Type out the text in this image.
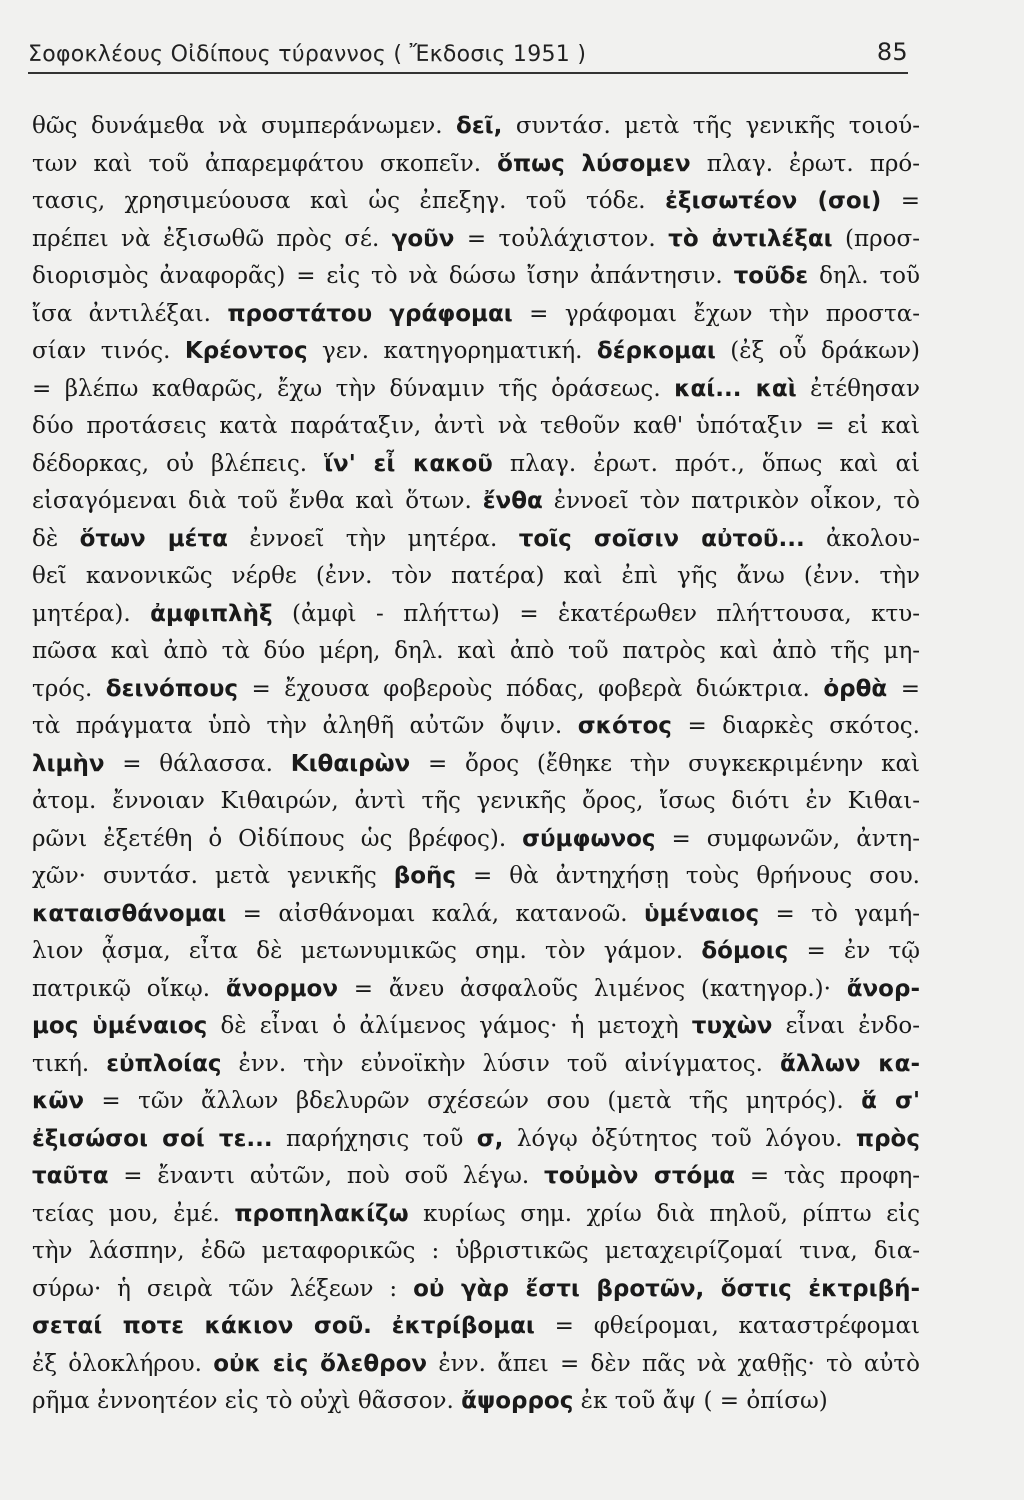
Σοφοκλέους Οἰδίπους τύραννος ( Ἔκδοσις 1951 )	85
θῶς δυνάμεθα νὰ συμπεράνωμεν. δεῖ, συντάσ. μετὰ τῆς γενικῆς τοιού-
των καὶ τοῦ ἀπαρεμφάτου σκοπεῖν. ὅπως λύσομεν πλαγ. ἐρωτ. πρό-
τασις, χρησιμεύουσα καὶ ὡς ἐπεξηγ. τοῦ τόδε. ἐξισωτέον (σοι) =
πρέπει νὰ ἐξισωθῶ πρὸς σέ. γοῦν = τοὐλάχιστον. τὸ ἀντιλέξαι (προσ-
διορισμὸς ἀναφορᾶς) = εἰς τὸ νὰ δώσω ἴσην ἀπάντησιν. τοῦδε δηλ. τοῦ
ἴσα ἀντιλέξαι. προστάτου γράφομαι = γράφομαι ἔχων τὴν προστα-
σίαν τινός. Κρέοντος γεν. κατηγορηματική. δέρκομαι (ἐξ οὗ δράκων)
= βλέπω καθαρῶς, ἔχω τὴν δύναμιν τῆς ὁράσεως. καί... καὶ ἐτέθησαν
δύο προτάσεις κατὰ παράταξιν, ἀντὶ νὰ τεθοῦν καθ' ὑπόταξιν = εἰ καὶ
δέδορκας, οὐ βλέπεις. ἵν' εἶ κακοῦ πλαγ. ἐρωτ. πρότ., ὅπως καὶ αἱ
εἰσαγόμεναι διὰ τοῦ ἔνθα καὶ ὅτων. ἔνθα ἐννοεῖ τὸν πατρικὸν οἶκον, τὸ
δὲ ὅτων μέτα ἐννοεῖ τὴν μητέρα. τοῖς σοῖσιν αὐτοῦ... ἀκολου-
θεῖ κανονικῶς νέρθε (ἐνν. τὸν πατέρα) καὶ ἐπὶ γῆς ἄνω (ἐνν. τὴν
μητέρα). ἀμφιπλὴξ (ἀμφὶ - πλήττω) = ἑκατέρωθεν πλήττουσα, κτυ-
πῶσα καὶ ἀπὸ τὰ δύο μέρη, δηλ. καὶ ἀπὸ τοῦ πατρὸς καὶ ἀπὸ τῆς μη-
τρός. δεινόπους = ἔχουσα φοβεροὺς πόδας, φοβερὰ διώκτρια. ὀρθὰ =
τὰ πράγματα ὑπὸ τὴν ἀληθῆ αὐτῶν ὄψιν. σκότος = διαρκὲς σκότος.
λιμὴν = θάλασσα. Κιθαιρὼν = ὄρος (ἔθηκε τὴν συγκεκριμένην καὶ
ἀτομ. ἔννοιαν Κιθαιρών, ἀντὶ τῆς γενικῆς ὄρος, ἴσως διότι ἐν Κιθαι-
ρῶνι ἐξετέθη ὁ Οἰδίπους ὡς βρέφος). σύμφωνος = συμφωνῶν, ἀντη-
χῶν· συντάσ. μετὰ γενικῆς βοῆς = θὰ ἀντηχήσῃ τοὺς θρήνους σου.
καταισθάνομαι = αἰσθάνομαι καλά, κατανοῶ. ὑμέναιος = τὸ γαμή-
λιον ᾆσμα, εἶτα δὲ μετωνυμικῶς σημ. τὸν γάμον. δόμοις = ἐν τῷ
πατρικῷ οἴκῳ. ἄνορμον = ἄνευ ἀσφαλοῦς λιμένος (κατηγορ.)· ἄνορ-
μος ὑμέναιος δὲ εἶναι ὁ ἀλίμενος γάμος· ἡ μετοχὴ τυχὼν εἶναι ἐνδο-
τική. εὐπλοίας ἐνν. τὴν εὐνοϊκὴν λύσιν τοῦ αἰνίγματος. ἄλλων κα-
κῶν = τῶν ἄλλων βδελυρῶν σχέσεών σου (μετὰ τῆς μητρός). ἅ σ'
ἐξισώσοι σοί τε... παρήχησις τοῦ σ, λόγῳ ὀξύτητος τοῦ λόγου. πρὸς
ταῦτα = ἔναντι αὐτῶν, ποὺ σοῦ λέγω. τοὐμὸν στόμα = τὰς προφη-
τείας μου, ἐμέ. προπηλακίζω κυρίως σημ. χρίω διὰ πηλοῦ, ρίπτω εἰς
τὴν λάσπην, ἐδῶ μεταφορικῶς : ὑβριστικῶς μεταχειρίζομαί τινα, δια-
σύρω· ἡ σειρὰ τῶν λέξεων : οὐ γὰρ ἔστι βροτῶν, ὅστις ἐκτριβή-
σεταί ποτε κάκιον σοῦ. ἐκτρίβομαι = φθείρομαι, καταστρέφομαι
ἐξ ὁλοκλήρου. οὐκ εἰς ὄλεθρον ἐνν. ἄπει = δὲν πᾶς νὰ χαθῇς· τὸ αὐτὸ
ρῆμα ἐννοητέον εἰς τὸ οὐχὶ θᾶσσον. ἄψορρος ἐκ τοῦ ἄψ ( = ὀπίσω)
